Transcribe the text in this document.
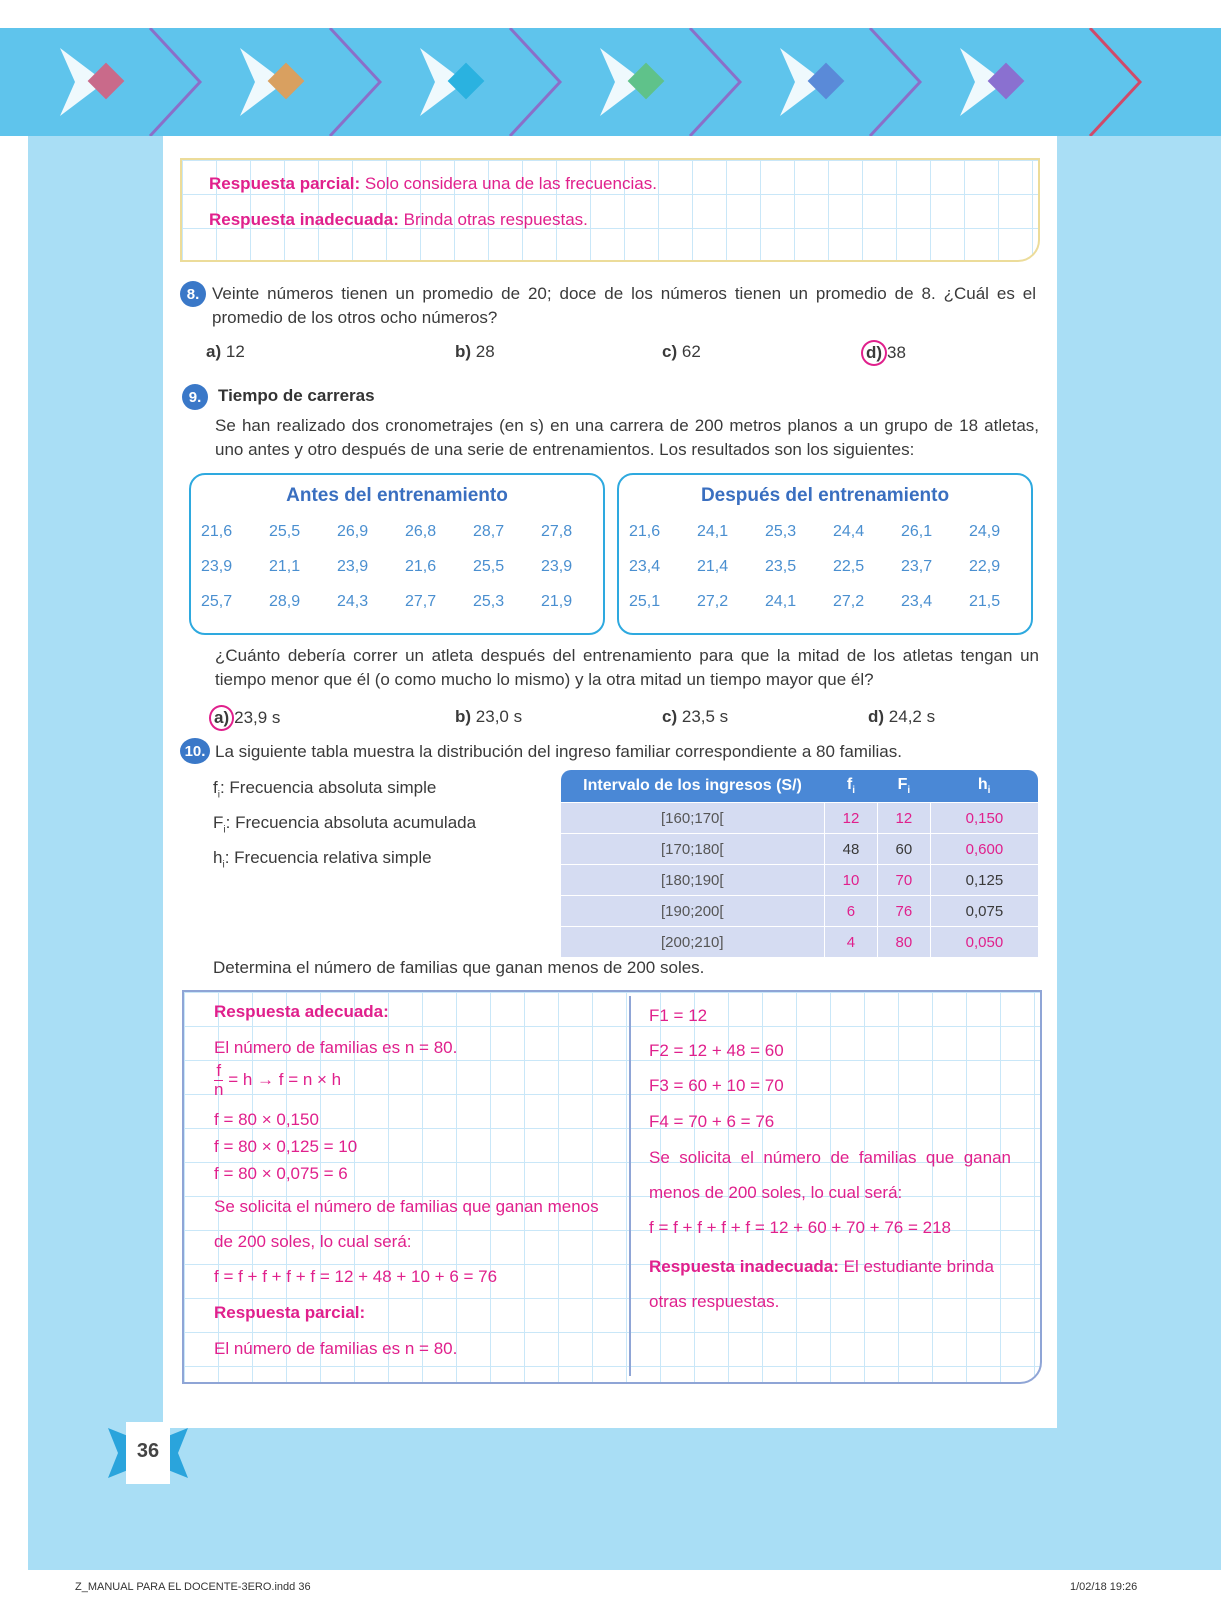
Respuesta parcial: Solo considera una de las frecuencias.
Respuesta inadecuada: Brinda otras respuestas.
8. Veinte números tienen un promedio de 20; doce de los números tienen un promedio de 8. ¿Cuál es el promedio de los otros ocho números?
a) 12	b) 28	c) 62	d) 38
9. Tiempo de carreras
Se han realizado dos cronometrajes (en s) en una carrera de 200 metros planos a un grupo de 18 atletas, uno antes y otro después de una serie de entrenamientos. Los resultados son los siguientes:
Antes del entrenamiento
21,6 25,5 26,9 26,8 28,7 27,8
23,9 21,1 23,9 21,6 25,5 23,9
25,7 28,9 24,3 27,7 25,3 21,9
Después del entrenamiento
21,6 24,1 25,3 24,4 26,1 24,9
23,4 21,4 23,5 22,5 23,7 22,9
25,1 27,2 24,1 27,2 23,4 21,5
¿Cuánto debería correr un atleta después del entrenamiento para que la mitad de los atletas tengan un tiempo menor que él (o como mucho lo mismo) y la otra mitad un tiempo mayor que él?
a) 23,9 s	b) 23,0 s	c) 23,5 s	d) 24,2 s
10. La siguiente tabla muestra la distribución del ingreso familiar correspondiente a 80 familias.
$f_i$: Frecuencia absoluta simple
$F_i$: Frecuencia absoluta acumulada
$h_i$: Frecuencia relativa simple
Intervalo de los ingresos (S/)	$f_i$	$F_i$	$h_i$
[160;170[	12	12	0,150
[170;180[	48	60	0,600
[180;190[	10	70	0,125
[190;200[	6	76	0,075
[200;210]	4	80	0,050
Determina el número de familias que ganan menos de 200 soles.
Respuesta adecuada:
El número de familias es n = 80.
$\frac{f}{n} = h \to f = n \times h$
f = 80 × 0,150
f = 80 × 0,125 = 10
f = 80 × 0,075 = 6
Se solicita el número de familias que ganan menos
de 200 soles, lo cual será:
f = f + f + f + f = 12 + 48 + 10 + 6 = 76
Respuesta parcial:
El número de familias es n = 80.
F1 = 12
F2 = 12 + 48 = 60
F3 = 60 + 10 = 70
F4 = 70 + 6 = 76
Se solicita el número de familias que ganan
menos de 200 soles, lo cual será:
f = f + f + f + f = 12 + 60 + 70 + 76 = 218
Respuesta inadecuada: El estudiante brinda
otras respuestas.
36
Z_MANUAL PARA EL DOCENTE-3ERO.indd 36	1/02/18 19:26
